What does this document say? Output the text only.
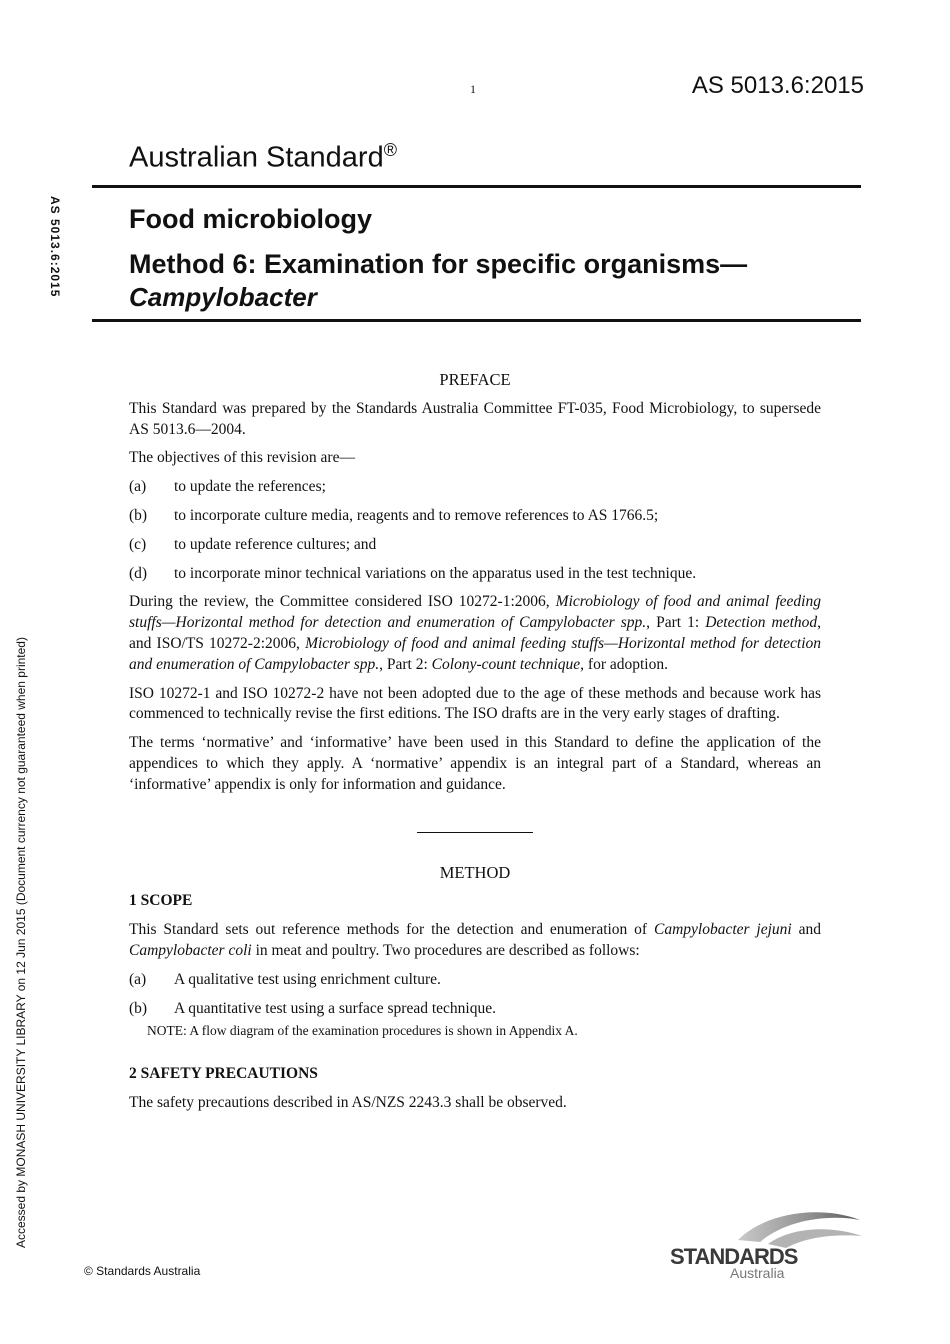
1	AS 5013.6:2015
Australian Standard®
Food microbiology
Method 6: Examination for specific organisms—
Campylobacter
AS 5013.6:2015
Accessed by MONASH UNIVERSITY LIBRARY on 12 Jun 2015 (Document currency not guaranteed when printed)
PREFACE

This Standard was prepared by the Standards Australia Committee FT-035, Food Microbiology, to supersede AS 5013.6—2004.

The objectives of this revision are—

(a)	to update the references;
(b)	to incorporate culture media, reagents and to remove references to AS 1766.5;
(c)	to update reference cultures; and
(d)	to incorporate minor technical variations on the apparatus used in the test technique.

During the review, the Committee considered ISO 10272-1:2006, Microbiology of food and animal feeding stuffs—Horizontal method for detection and enumeration of Campylobacter spp., Part 1: Detection method, and ISO/TS 10272-2:2006, Microbiology of food and animal feeding stuffs—Horizontal method for detection and enumeration of Campylobacter spp., Part 2: Colony-count technique, for adoption.

ISO 10272-1 and ISO 10272-2 have not been adopted due to the age of these methods and because work has commenced to technically revise the first editions. The ISO drafts are in the very early stages of drafting.

The terms ‘normative’ and ‘informative’ have been used in this Standard to define the application of the appendices to which they apply. A ‘normative’ appendix is an integral part of a Standard, whereas an ‘informative’ appendix is only for information and guidance.

METHOD
1 SCOPE

This Standard sets out reference methods for the detection and enumeration of Campylobacter jejuni and Campylobacter coli in meat and poultry. Two procedures are described as follows:

(a)	A qualitative test using enrichment culture.
(b)	A quantitative test using a surface spread technique.
NOTE: A flow diagram of the examination procedures is shown in Appendix A.
2 SAFETY PRECAUTIONS

The safety precautions described in AS/NZS 2243.3 shall be observed.

© Standards Australia
STANDARDS
Australia
